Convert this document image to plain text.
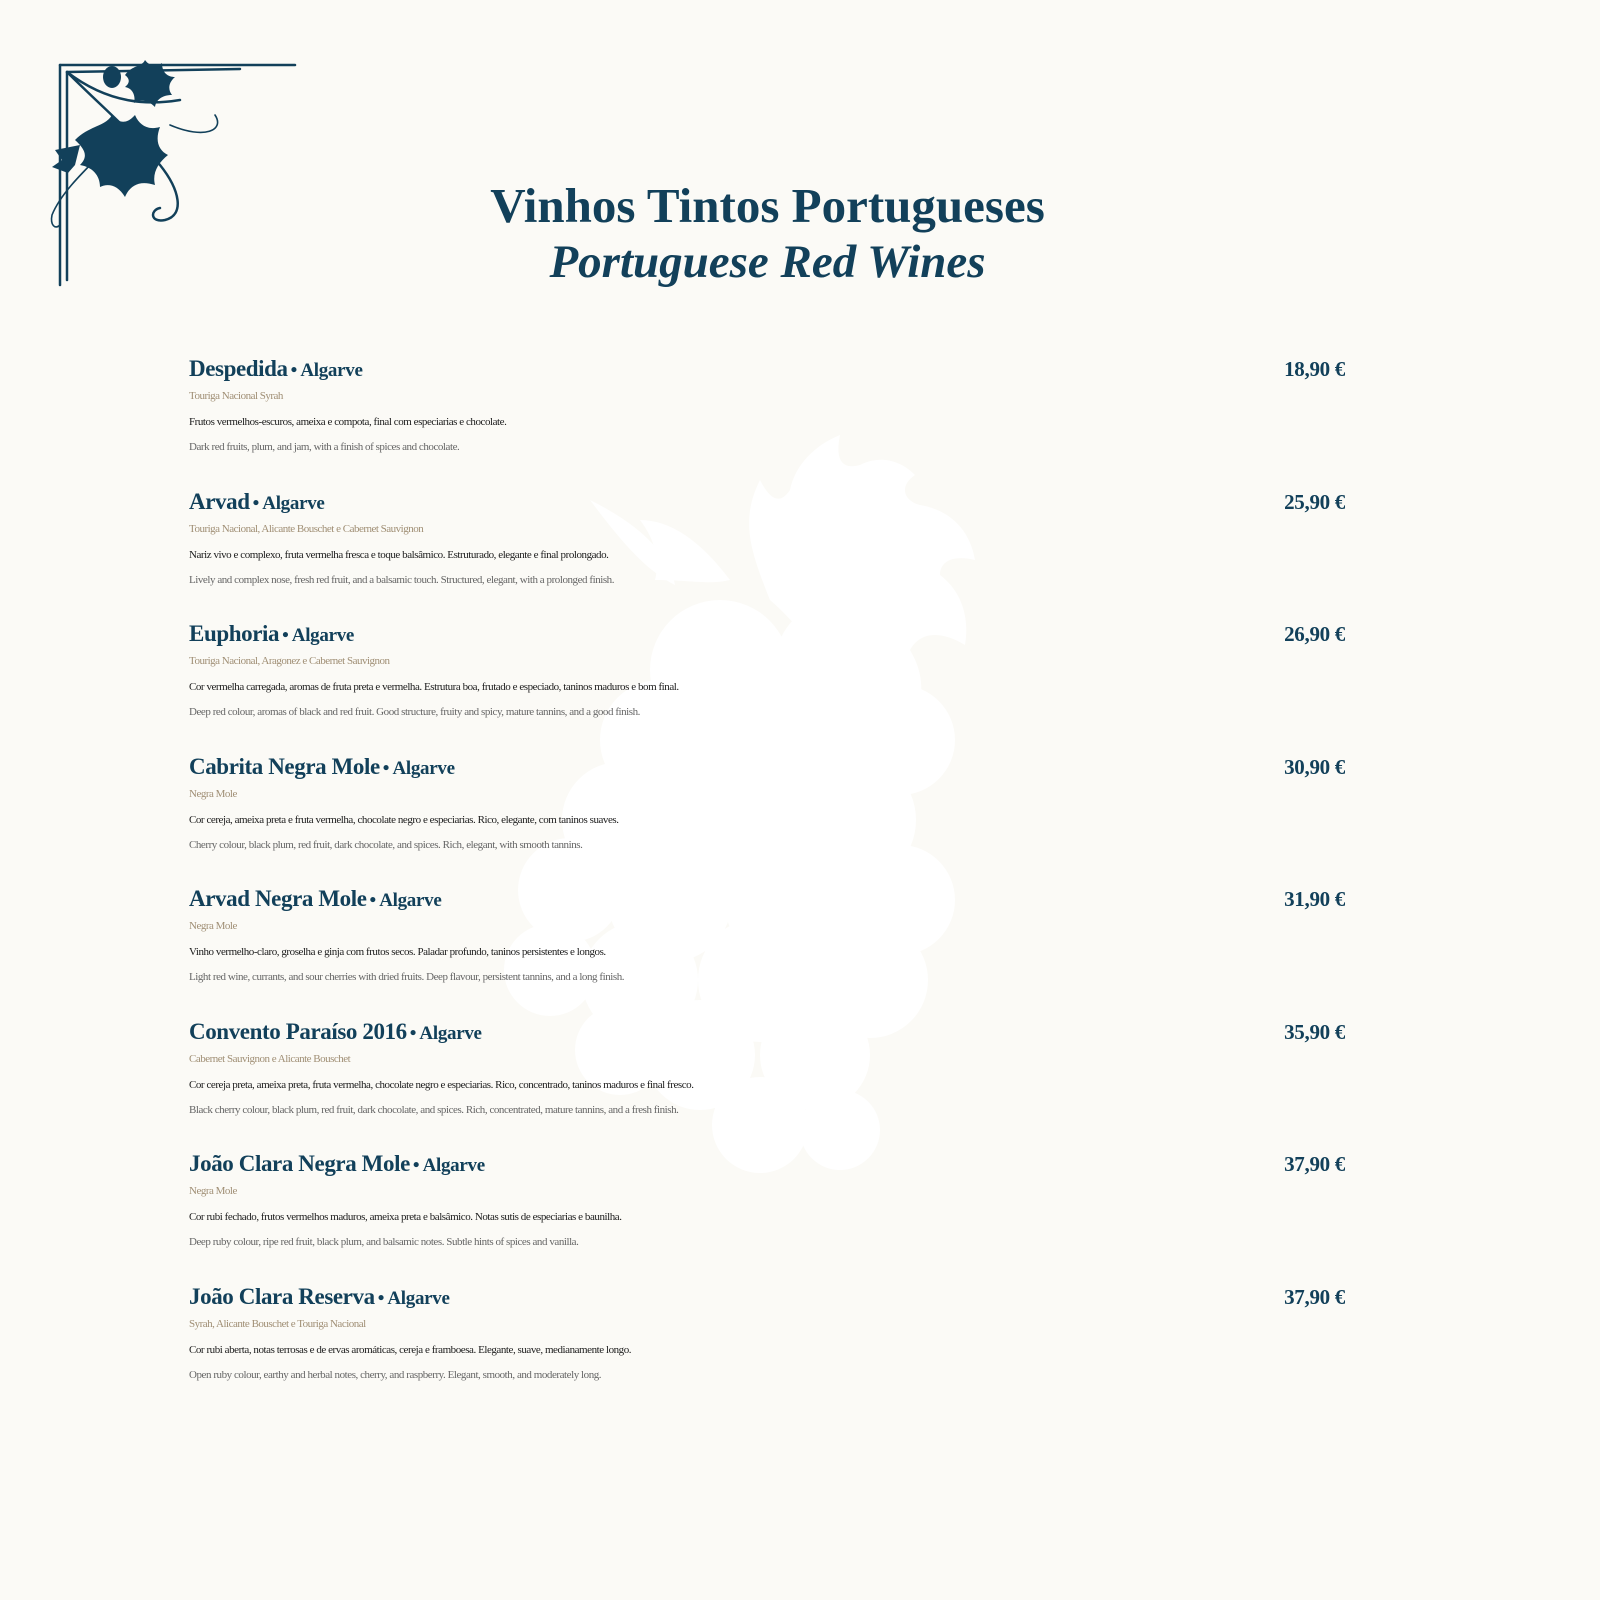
Vinhos Tintos Portugueses
Portuguese Red Wines
Despedida • Algarve	18,90 €
Touriga Nacional Syrah
Frutos vermelhos-escuros, ameixa e compota, final com especiarias e chocolate.
Dark red fruits, plum, and jam, with a finish of spices and chocolate.
Arvad • Algarve	25,90 €
Touriga Nacional, Alicante Bouschet e Cabernet Sauvignon
Nariz vivo e complexo, fruta vermelha fresca e toque balsâmico. Estruturado, elegante e final prolongado.
Lively and complex nose, fresh red fruit, and a balsamic touch. Structured, elegant, with a prolonged finish.
Euphoria • Algarve	26,90 €
Touriga Nacional, Aragonez e Cabernet Sauvignon
Cor vermelha carregada, aromas de fruta preta e vermelha. Estrutura boa, frutado e especiado, taninos maduros e bom final.
Deep red colour, aromas of black and red fruit. Good structure, fruity and spicy, mature tannins, and a good finish.
Cabrita Negra Mole • Algarve	30,90 €
Negra Mole
Cor cereja, ameixa preta e fruta vermelha, chocolate negro e especiarias. Rico, elegante, com taninos suaves.
Cherry colour, black plum, red fruit, dark chocolate, and spices. Rich, elegant, with smooth tannins.
Arvad Negra Mole • Algarve	31,90 €
Negra Mole
Vinho vermelho-claro, groselha e ginja com frutos secos. Paladar profundo, taninos persistentes e longos.
Light red wine, currants, and sour cherries with dried fruits. Deep flavour, persistent tannins, and a long finish.
Convento Paraíso 2016 • Algarve	35,90 €
Cabernet Sauvignon e Alicante Bouschet
Cor cereja preta, ameixa preta, fruta vermelha, chocolate negro e especiarias. Rico, concentrado, taninos maduros e final fresco.
Black cherry colour, black plum, red fruit, dark chocolate, and spices. Rich, concentrated, mature tannins, and a fresh finish.
João Clara Negra Mole • Algarve	37,90 €
Negra Mole
Cor rubi fechado, frutos vermelhos maduros, ameixa preta e balsâmico. Notas sutis de especiarias e baunilha.
Deep ruby colour, ripe red fruit, black plum, and balsamic notes. Subtle hints of spices and vanilla.
João Clara Reserva • Algarve	37,90 €
Syrah, Alicante Bouschet e Touriga Nacional
Cor rubi aberta, notas terrosas e de ervas aromáticas, cereja e framboesa. Elegante, suave, medianamente longo.
Open ruby colour, earthy and herbal notes, cherry, and raspberry. Elegant, smooth, and moderately long.
